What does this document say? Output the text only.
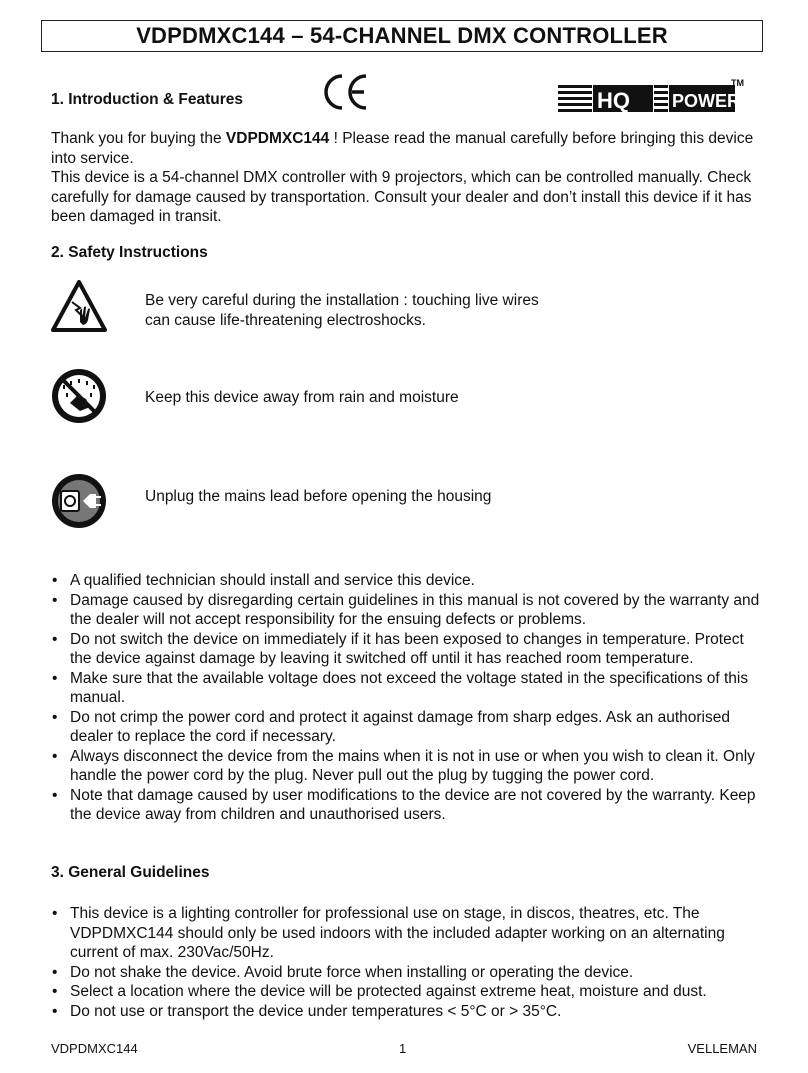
VDPDMXC144 – 54-CHANNEL DMX CONTROLLER
1. Introduction & Features	HQ POWER
TM
Thank you for buying the VDPDMXC144 ! Please read the manual carefully before bringing this device into service.
This device is a 54-channel DMX controller with 9 projectors, which can be controlled manually. Check carefully for damage caused by transportation. Consult your dealer and don’t install this device if it has been damaged in transit.
2. Safety Instructions
Be very careful during the installation : touching live wires can cause life-threatening electroshocks.
Keep this device away from rain and moisture
Unplug the mains lead before opening the housing
• A qualified technician should install and service this device.
• Damage caused by disregarding certain guidelines in this manual is not covered by the warranty and the dealer will not accept responsibility for the ensuing defects or problems.
• Do not switch the device on immediately if it has been exposed to changes in temperature. Protect the device against damage by leaving it switched off until it has reached room temperature.
• Make sure that the available voltage does not exceed the voltage stated in the specifications of this manual.
• Do not crimp the power cord and protect it against damage from sharp edges. Ask an authorised dealer to replace the cord if necessary.
• Always disconnect the device from the mains when it is not in use or when you wish to clean it. Only handle the power cord by the plug. Never pull out the plug by tugging the power cord.
• Note that damage caused by user modifications to the device are not covered by the warranty. Keep the device away from children and unauthorised users.
3. General Guidelines
• This device is a lighting controller for professional use on stage, in discos, theatres, etc. The VDPDMXC144 should only be used indoors with the included adapter working on an alternating current of max. 230Vac/50Hz.
• Do not shake the device. Avoid brute force when installing or operating the device.
• Select a location where the device will be protected against extreme heat, moisture and dust.
• Do not use or transport the device under temperatures < 5°C or > 35°C.
VDPDMXC144	1	VELLEMAN
